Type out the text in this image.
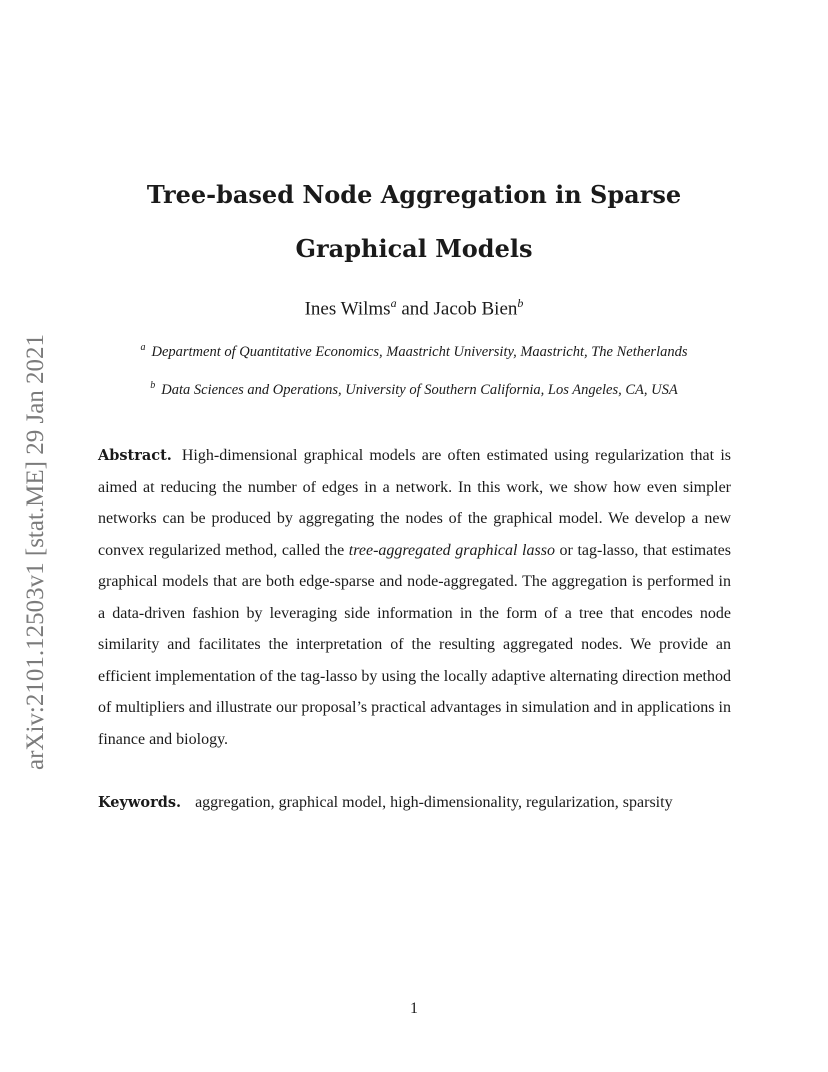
arXiv:2101.12503v1 [stat.ME] 29 Jan 2021
Tree-based Node Aggregation in Sparse
Graphical Models
Ines Wilms$^a$ and Jacob Bien$^b$
$^a$ Department of Quantitative Economics, Maastricht University, Maastricht, The Netherlands
$^b$ Data Sciences and Operations, University of Southern California, Los Angeles, CA, USA
Abstract. High-dimensional graphical models are often estimated using regularization that is aimed at reducing the number of edges in a network. In this work, we show how even simpler networks can be produced by aggregating the nodes of the graphical model. We develop a new convex regularized method, called the tree-aggregated graphical lasso or tag-lasso, that estimates graphical models that are both edge-sparse and node-aggregated. The aggregation is performed in a data-driven fashion by leveraging side information in the form of a tree that encodes node similarity and facilitates the interpretation of the resulting aggregated nodes. We provide an efficient implementation of the tag-lasso by using the locally adaptive alternating direction method of multipliers and illustrate our proposal’s practical advantages in simulation and in applications in finance and biology.
Keywords. aggregation, graphical model, high-dimensionality, regularization, sparsity
1
